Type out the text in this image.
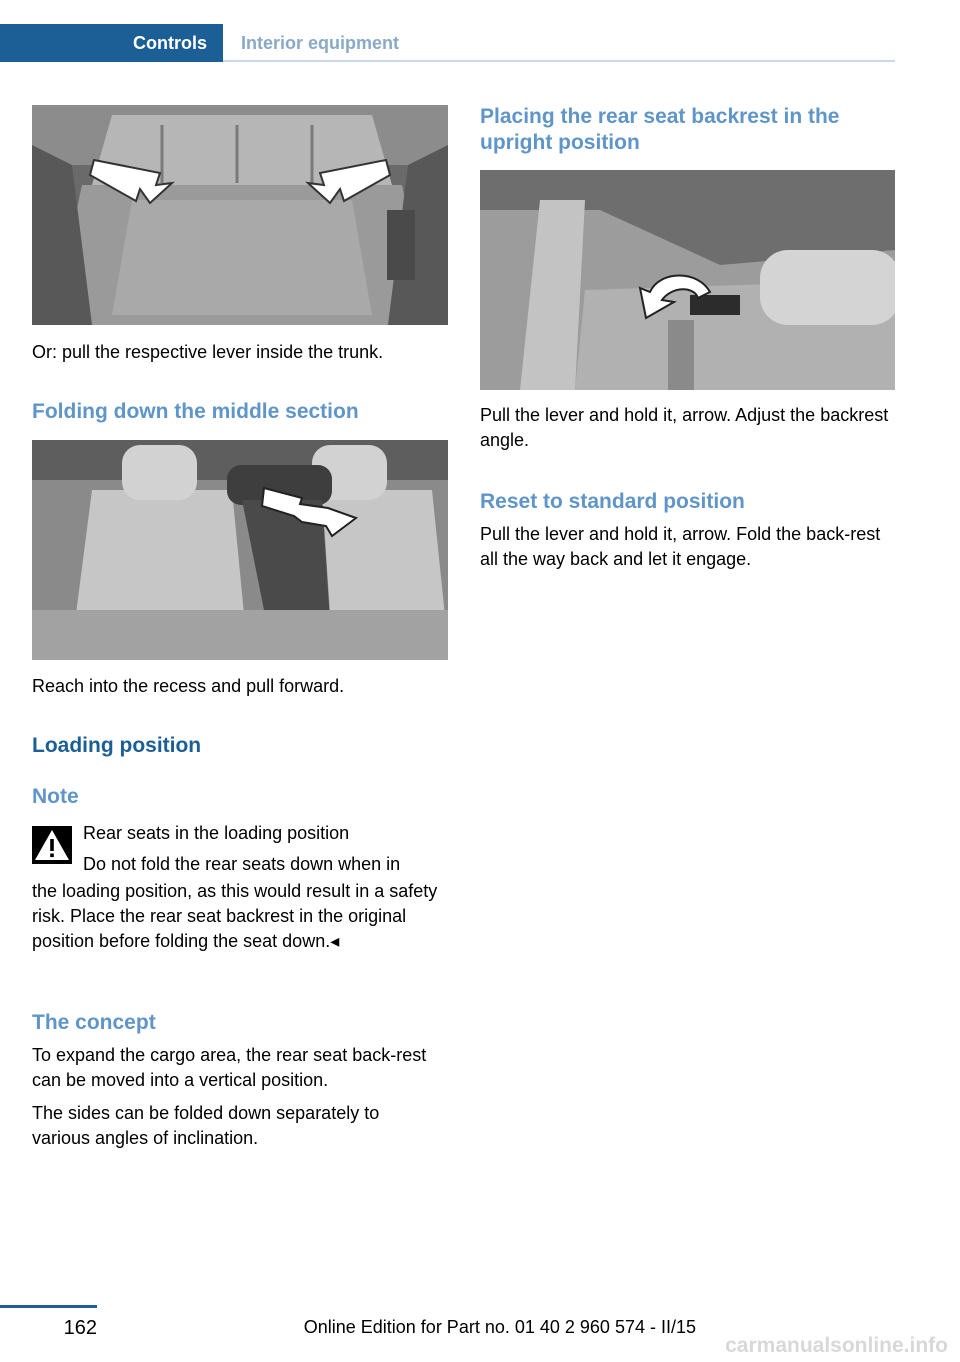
Controls	Interior equipment

Or: pull the respective lever inside the trunk.

Folding down the middle section

Reach into the recess and pull forward.

Loading position
Note

Rear seats in the loading position

Do not fold the rear seats down when in

the loading position, as this would result in a safety risk. Place the rear seat backrest in the original position before folding the seat down.◂

The concept

To expand the cargo area, the rear seat back-rest can be moved into a vertical position.

The sides can be folded down separately to various angles of inclination.

Placing the rear seat backrest in the upright position

Pull the lever and hold it, arrow. Adjust the backrest angle.

Reset to standard position

Pull the lever and hold it, arrow. Fold the back-rest all the way back and let it engage.

162	Online Edition for Part no. 01 40 2 960 574 - II/15
carmanualsonline.info
